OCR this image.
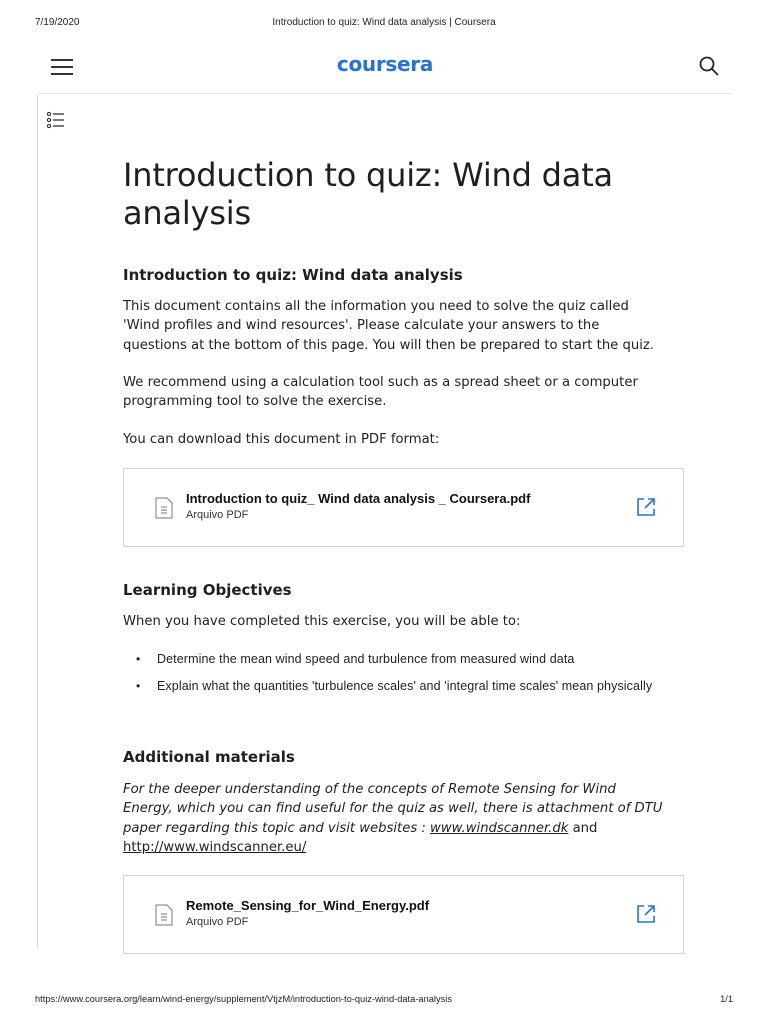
7/19/2020	Introduction to quiz: Wind data analysis | Coursera
coursera
Introduction to quiz: Wind data analysis
Introduction to quiz: Wind data analysis

This document contains all the information you need to solve the quiz called 'Wind profiles and wind resources'. Please calculate your answers to the questions at the bottom of this page. You will then be prepared to start the quiz.

We recommend using a calculation tool such as a spread sheet or a computer programming tool to solve the exercise.

You can download this document in PDF format:

Introduction to quiz_ Wind data analysis _ Coursera.pdf
Arquivo PDF
Learning Objectives

When you have completed this exercise, you will be able to:

• Determine the mean wind speed and turbulence from measured wind data
• Explain what the quantities 'turbulence scales' and 'integral time scales' mean physically
Additional materials

For the deeper understanding of the concepts of Remote Sensing for Wind Energy, which you can find useful for the quiz as well, there is attachment of DTU paper regarding this topic and visit websites : www.windscanner.dk and
http://www.windscanner.eu/

Remote_Sensing_for_Wind_Energy.pdf
Arquivo PDF
https://www.coursera.org/learn/wind-energy/supplement/VtjzM/introduction-to-quiz-wind-data-analysis	1/1
